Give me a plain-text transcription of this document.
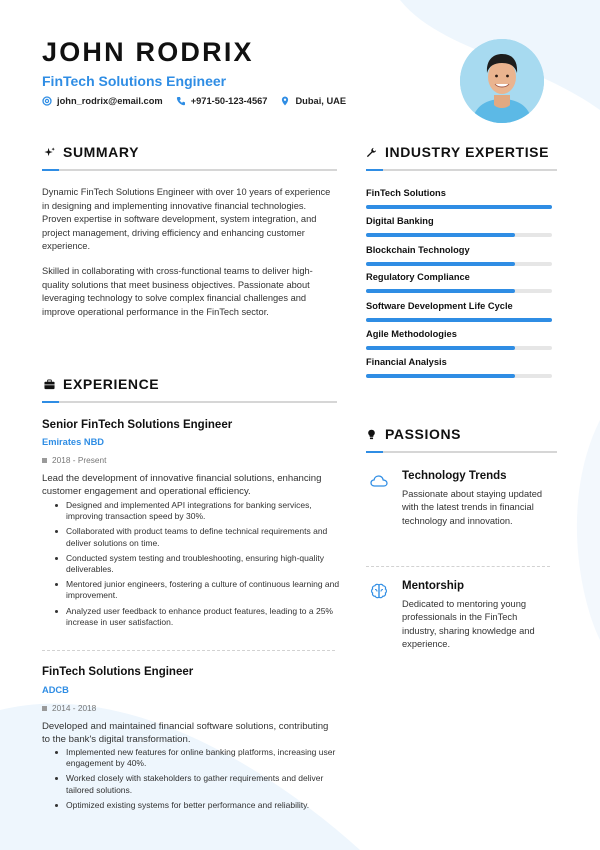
JOHN RODRIX
FinTech Solutions Engineer
john_rodrix@email.com	+971-50-123-4567	Dubai, UAE
SUMMARY

Dynamic FinTech Solutions Engineer with over 10 years of experience in designing and implementing innovative financial technologies. Proven expertise in software development, system integration, and project management, driving efficiency and enhancing customer experience.

Skilled in collaborating with cross-functional teams to deliver high-quality solutions that meet business objectives. Passionate about leveraging technology to solve complex financial challenges and improve operational performance in the FinTech sector.

EXPERIENCE
Senior FinTech Solutions Engineer
Emirates NBD
2018 - Present

Lead the development of innovative financial solutions, enhancing customer engagement and operational efficiency.

Designed and implemented API integrations for banking services, improving transaction speed by 30%.
Collaborated with product teams to define technical requirements and deliver solutions on time.
Conducted system testing and troubleshooting, ensuring high-quality deliverables.
Mentored junior engineers, fostering a culture of continuous learning and improvement.
Analyzed user feedback to enhance product features, leading to a 25% increase in user satisfaction.
FinTech Solutions Engineer
ADCB
2014 - 2018

Developed and maintained financial software solutions, contributing to the bank's digital transformation.

Implemented new features for online banking platforms, increasing user engagement by 40%.
Worked closely with stakeholders to gather requirements and deliver tailored solutions.
Optimized existing systems for better performance and reliability.
INDUSTRY EXPERTISE
FinTech Solutions
Digital Banking
Blockchain Technology
Regulatory Compliance
Software Development Life Cycle
Agile Methodologies
Financial Analysis
PASSIONS
Technology Trends

Passionate about staying updated with the latest trends in financial technology and innovation.

Mentorship

Dedicated to mentoring young professionals in the FinTech industry, sharing knowledge and experience.
